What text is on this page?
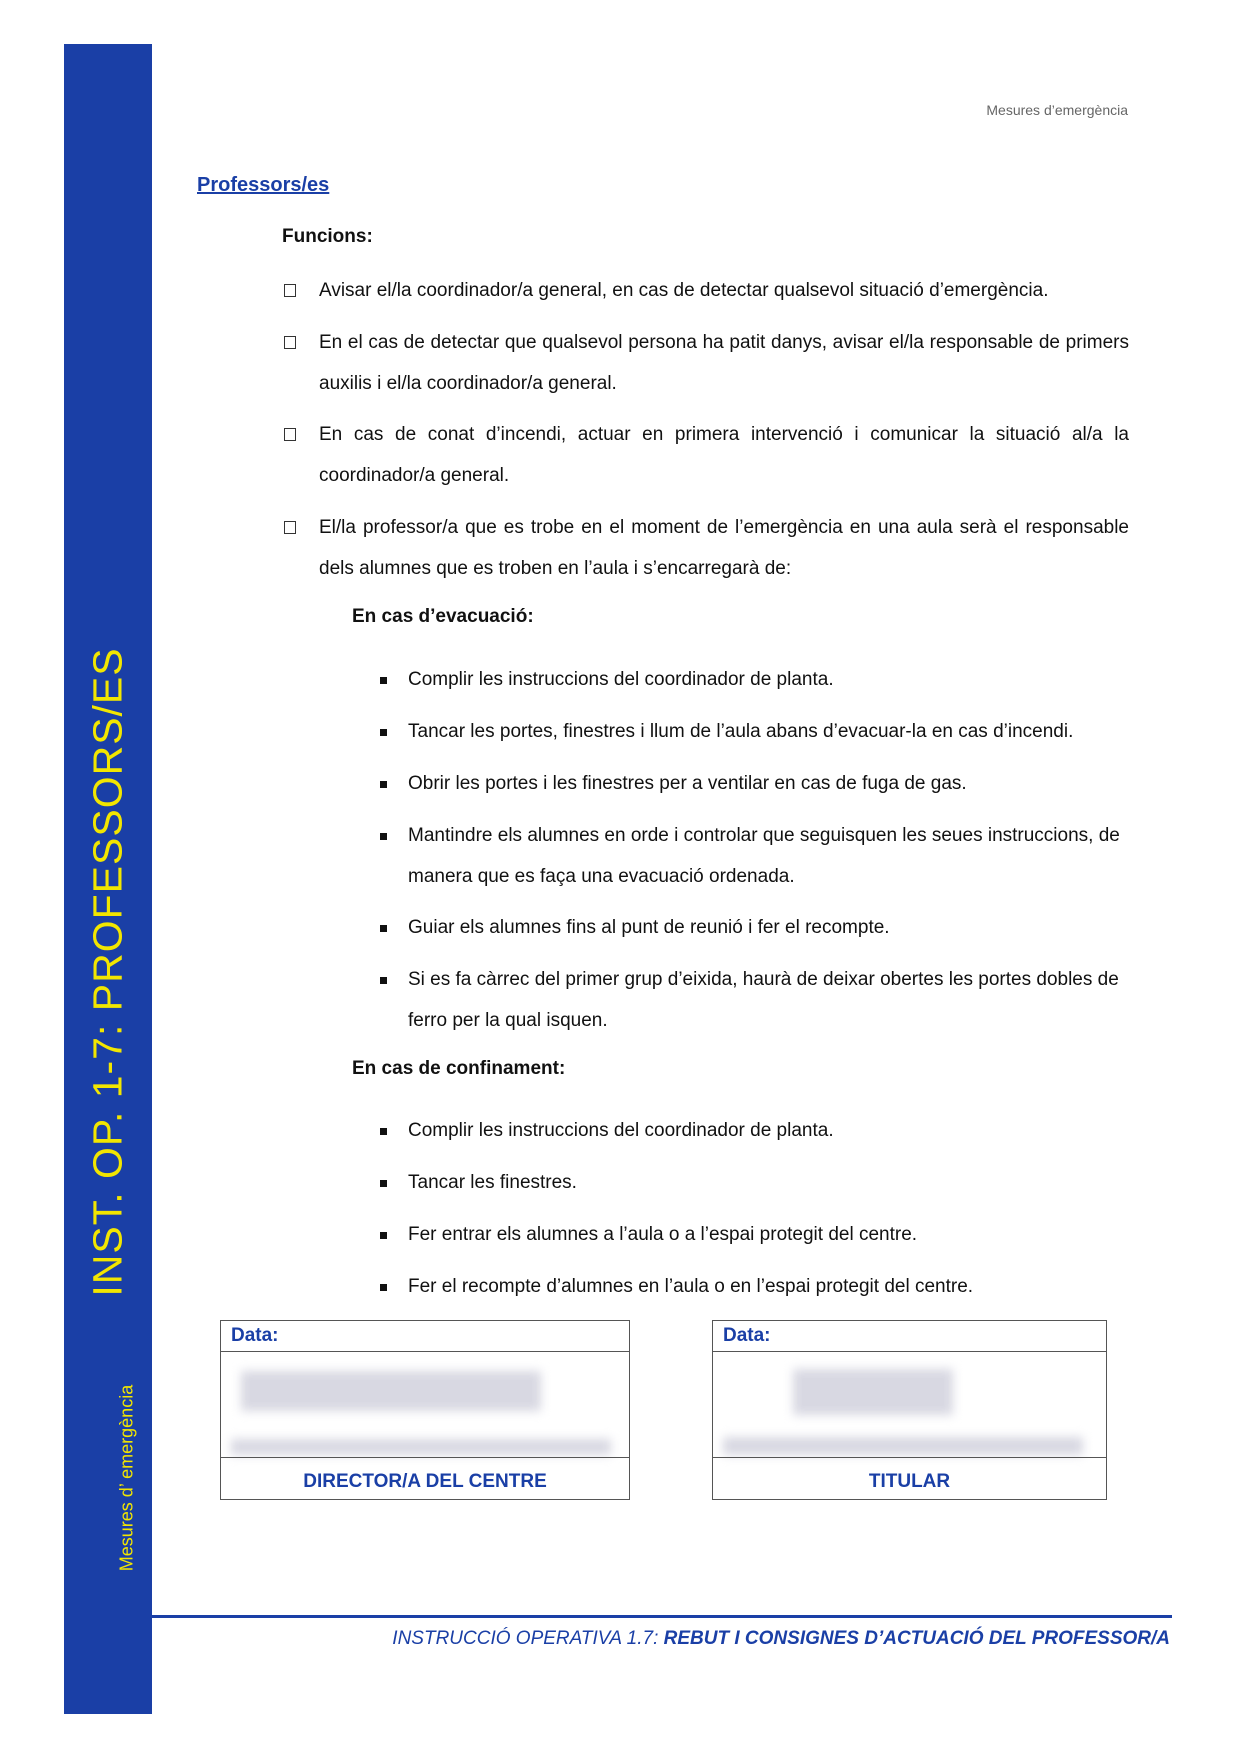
INST. OP. 1-7: PROFESSORS/ES
Mesures d’ emergència
Mesures d’emergència
Professors/es
Funcions:
Avisar el/la coordinador/a general, en cas de detectar qualsevol situació d’emergència.
En el cas de detectar que qualsevol persona ha patit danys, avisar el/la responsable de primers auxilis i el/la coordinador/a general.
En cas de conat d’incendi, actuar en primera intervenció i comunicar la situació al/a la coordinador/a general.
El/la professor/a que es trobe en el moment de l’emergència en una aula serà el responsable dels alumnes que es troben en l’aula i s’encarregarà de:
En cas d’evacuació:
Complir les instruccions del coordinador de planta.
Tancar les portes, finestres i llum de l’aula abans d’evacuar-la en cas d’incendi.
Obrir les portes i les finestres per a ventilar en cas de fuga de gas.
Mantindre els alumnes en orde i controlar que seguisquen les seues instruccions, de manera que es faça una evacuació ordenada.
Guiar els alumnes fins al punt de reunió i fer el recompte.
Si es fa càrrec del primer grup d’eixida, haurà de deixar obertes les portes dobles de ferro per la qual isquen.
En cas de confinament:
Complir les instruccions del coordinador de planta.
Tancar les finestres.
Fer entrar els alumnes a l’aula o a l’espai protegit del centre.
Fer el recompte d’alumnes en l’aula o en l’espai protegit del centre.
Data:
DIRECTOR/A DEL CENTRE
Data:
TITULAR
INSTRUCCIÓ OPERATIVA 1.7: REBUT I CONSIGNES D’ACTUACIÓ DEL PROFESSOR/A
